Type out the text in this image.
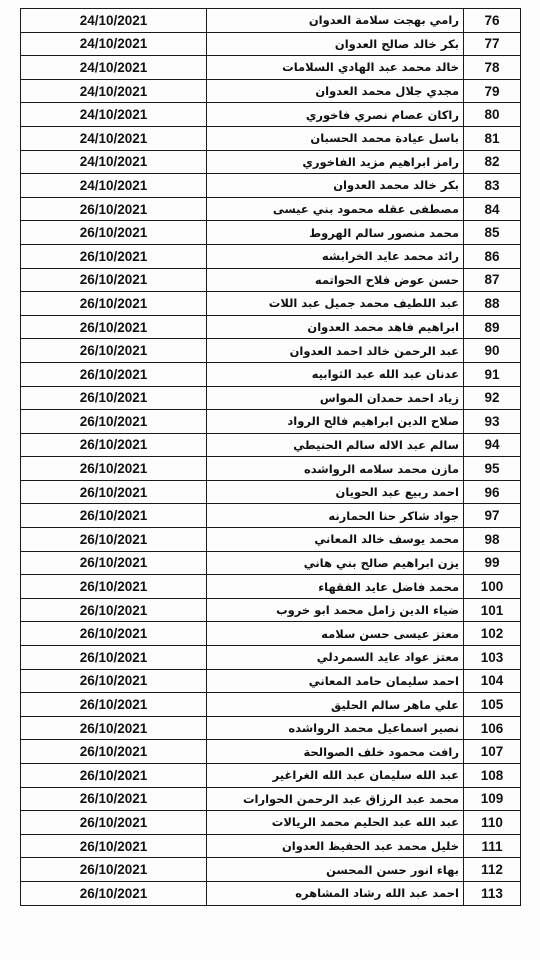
24/10/2021	رامي بهجت سلامة العدوان	76
24/10/2021	بكر خالد صالح العدوان	77
24/10/2021	خالد محمد عبد الهادي السلامات	78
24/10/2021	مجدي جلال محمد العدوان	79
24/10/2021	راكان عصام نصري فاخوري	80
24/10/2021	باسل عيادة محمد الحسبان	81
24/10/2021	رامز ابراهيم مزيد الفاخوري	82
24/10/2021	بكر خالد محمد العدوان	83
26/10/2021	مصطفى عقله محمود بني عيسى	84
26/10/2021	محمد منصور سالم الهروط	85
26/10/2021	رائد محمد عايد الخرابشه	86
26/10/2021	حسن عوض فلاح الحواتمه	87
26/10/2021	عبد اللطيف محمد جميل عبد اللات	88
26/10/2021	ابراهيم فاهد محمد العدوان	89
26/10/2021	عبد الرحمن خالد احمد العدوان	90
26/10/2021	عدنان عبد الله عبد الثوابيه	91
26/10/2021	زياد احمد حمدان المواس	92
26/10/2021	صلاح الدين ابراهيم فالح الرواد	93
26/10/2021	سالم عبد الاله سالم الحنيطي	94
26/10/2021	مازن محمد سلامه الرواشده	95
26/10/2021	احمد ربيع عبد الحويان	96
26/10/2021	جواد شاكر حنا الحمارنه	97
26/10/2021	محمد يوسف خالد المعاني	98
26/10/2021	يزن ابراهيم صالح بني هاني	99
26/10/2021	محمد فاضل عايد الفقهاء	100
26/10/2021	ضياء الدين زامل محمد ابو خروب	101
26/10/2021	معتز عيسى حسن سلامه	102
26/10/2021	معتز عواد عايد السمردلي	103
26/10/2021	احمد سليمان حامد المعاني	104
26/10/2021	علي ماهر سالم الحليق	105
26/10/2021	نصير اسماعيل محمد الرواشده	106
26/10/2021	رافت محمود خلف الصوالحة	107
26/10/2021	عبد الله سليمان عبد الله الغراغير	108
26/10/2021	محمد عبد الرزاق عبد الرحمن الحوارات	109
26/10/2021	عبد الله عبد الحليم محمد الريالات	110
26/10/2021	خليل محمد عبد الحفيظ العدوان	111
26/10/2021	بهاء انور حسن المحسن	112
26/10/2021	احمد عبد الله رشاد المشاهره	113
